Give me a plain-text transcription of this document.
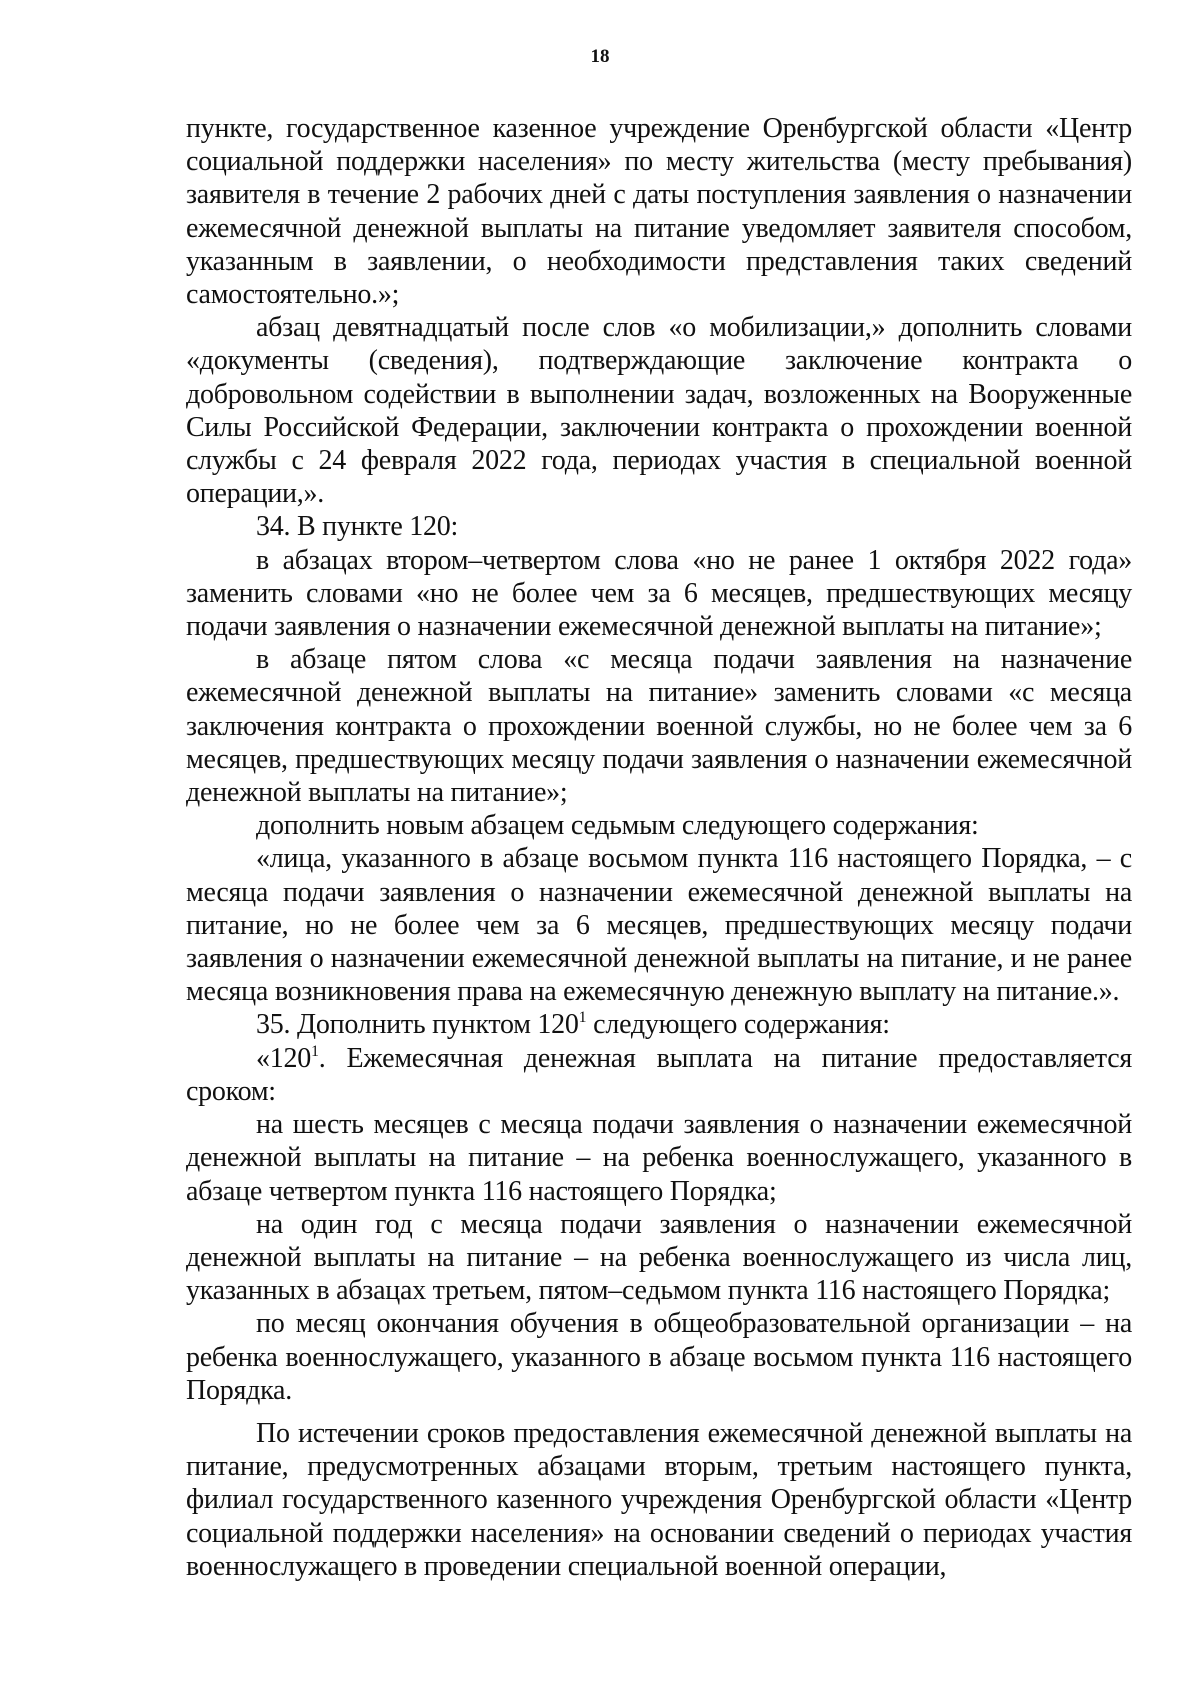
18

пункте, государственное казенное учреждение Оренбургской области «Центр социальной поддержки населения» по месту жительства (месту пребывания) заявителя в течение 2 рабочих дней с даты поступления заявления о назначении ежемесячной денежной выплаты на питание уведомляет заявителя способом, указанным в заявлении, о необходимости представления таких сведений самостоятельно.»;

абзац девятнадцатый после слов «о мобилизации,» дополнить словами «документы (сведения), подтверждающие заключение контракта о добровольном содействии в выполнении задач, возложенных на Вооруженные Силы Российской Федерации, заключении контракта о прохождении военной службы с 24 февраля 2022 года, периодах участия в специальной военной операции,».

34. В пункте 120:

в абзацах втором–четвертом слова «но не ранее 1 октября 2022 года» заменить словами «но не более чем за 6 месяцев, предшествующих месяцу подачи заявления о назначении ежемесячной денежной выплаты на питание»;

в абзаце пятом слова «с месяца подачи заявления на назначение ежемесячной денежной выплаты на питание» заменить словами «с месяца заключения контракта о прохождении военной службы, но не более чем за 6 месяцев, предшествующих месяцу подачи заявления о назначении ежемесячной денежной выплаты на питание»;

дополнить новым абзацем седьмым следующего содержания:

«лица, указанного в абзаце восьмом пункта 116 настоящего Порядка, – с месяца подачи заявления о назначении ежемесячной денежной выплаты на питание, но не более чем за 6 месяцев, предшествующих месяцу подачи заявления о назначении ежемесячной денежной выплаты на питание, и не ранее месяца возникновения права на ежемесячную денежную выплату на питание.».

35. Дополнить пунктом $120^1$ следующего содержания:

«$120^1$. Ежемесячная денежная выплата на питание предоставляется сроком:

на шесть месяцев с месяца подачи заявления о назначении ежемесячной денежной выплаты на питание – на ребенка военнослужащего, указанного в абзаце четвертом пункта 116 настоящего Порядка;

на один год с месяца подачи заявления о назначении ежемесячной денежной выплаты на питание – на ребенка военнослужащего из числа лиц, указанных в абзацах третьем, пятом–седьмом пункта 116 настоящего Порядка;

по месяц окончания обучения в общеобразовательной организации – на ребенка военнослужащего, указанного в абзаце восьмом пункта 116 настоящего Порядка.

По истечении сроков предоставления ежемесячной денежной выплаты на питание, предусмотренных абзацами вторым, третьим настоящего пункта, филиал государственного казенного учреждения Оренбургской области «Центр социальной поддержки населения» на основании сведений о периодах участия военнослужащего в проведении специальной военной операции,
